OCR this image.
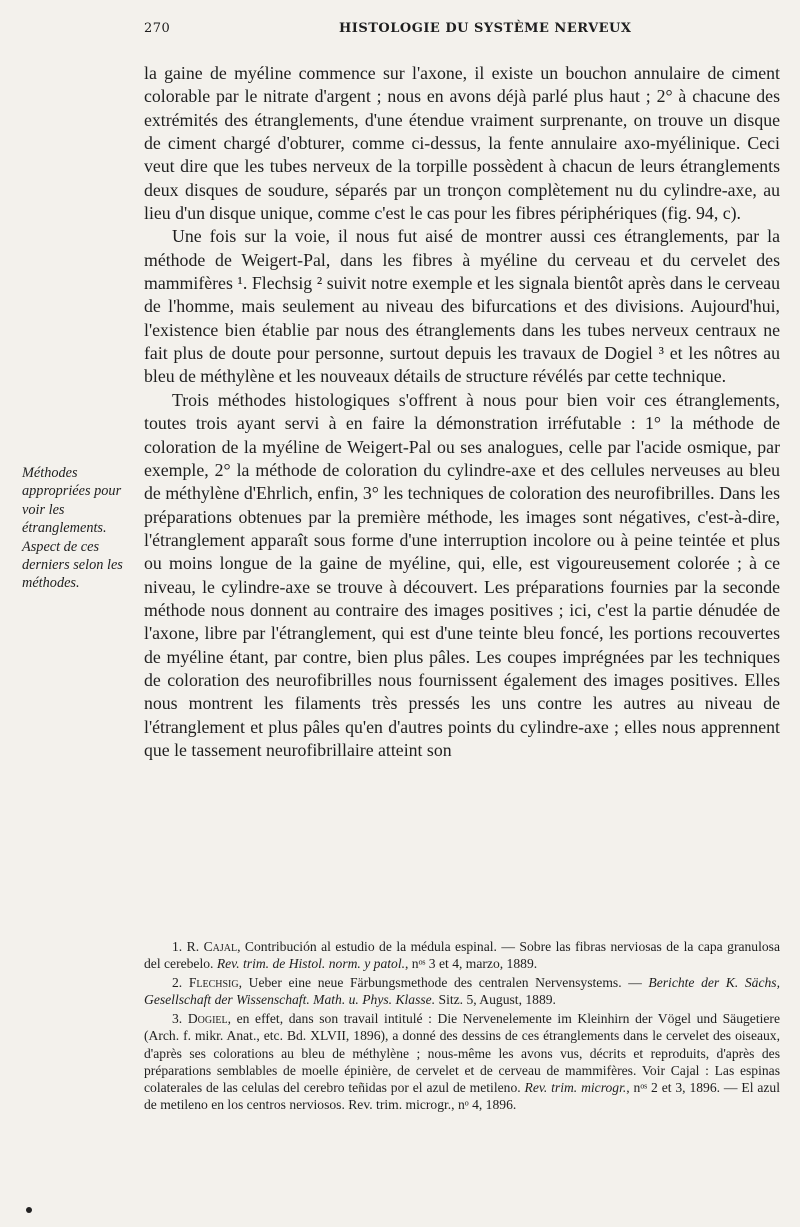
270	HISTOLOGIE DU SYSTÈME NERVEUX
Méthodes appropriées pour voir les étranglements. Aspect de ces derniers selon les méthodes.

la gaine de myéline commence sur l'axone, il existe un bouchon annulaire de ciment colorable par le nitrate d'argent ; nous en avons déjà parlé plus haut ; 2° à chacune des extrémités des étranglements, d'une étendue vraiment surprenante, on trouve un disque de ciment chargé d'obturer, comme ci-dessus, la fente annulaire axo-myélinique. Ceci veut dire que les tubes nerveux de la torpille possèdent à chacun de leurs étranglements deux disques de soudure, séparés par un tronçon complètement nu du cylindre-axe, au lieu d'un disque unique, comme c'est le cas pour les fibres périphériques (fig. 94, c).

Une fois sur la voie, il nous fut aisé de montrer aussi ces étranglements, par la méthode de Weigert-Pal, dans les fibres à myéline du cerveau et du cervelet des mammifères ¹. Flechsig ² suivit notre exemple et les signala bientôt après dans le cerveau de l'homme, mais seulement au niveau des bifurcations et des divisions. Aujourd'hui, l'existence bien établie par nous des étranglements dans les tubes nerveux centraux ne fait plus de doute pour personne, surtout depuis les travaux de Dogiel ³ et les nôtres au bleu de méthylène et les nouveaux détails de structure révélés par cette technique.

Trois méthodes histologiques s'offrent à nous pour bien voir ces étranglements, toutes trois ayant servi à en faire la démonstration irréfutable : 1° la méthode de coloration de la myéline de Weigert-Pal ou ses analogues, celle par l'acide osmique, par exemple, 2° la méthode de coloration du cylindre-axe et des cellules nerveuses au bleu de méthylène d'Ehrlich, enfin, 3° les techniques de coloration des neurofibrilles. Dans les préparations obtenues par la première méthode, les images sont négatives, c'est-à-dire, l'étranglement apparaît sous forme d'une interruption incolore ou à peine teintée et plus ou moins longue de la gaine de myéline, qui, elle, est vigoureusement colorée ; à ce niveau, le cylindre-axe se trouve à découvert. Les préparations fournies par la seconde méthode nous donnent au contraire des images positives ; ici, c'est la partie dénudée de l'axone, libre par l'étranglement, qui est d'une teinte bleu foncé, les portions recouvertes de myéline étant, par contre, bien plus pâles. Les coupes imprégnées par les techniques de coloration des neurofibrilles nous fournissent également des images positives. Elles nous montrent les filaments très pressés les uns contre les autres au niveau de l'étranglement et plus pâles qu'en d'autres points du cylindre-axe ; elles nous apprennent que le tassement neurofibrillaire atteint son

1. R. Cajal, Contribución al estudio de la médula espinal. — Sobre las fibras nerviosas de la capa granulosa del cerebelo. Rev. trim. de Histol. norm. y patol., nᵒˢ 3 et 4, marzo, 1889.

2. Flechsig, Ueber eine neue Färbungsmethode des centralen Nervensystems. — Berichte der K. Sächs, Gesellschaft der Wissenschaft. Math. u. Phys. Klasse. Sitz. 5, August, 1889.

3. Dogiel, en effet, dans son travail intitulé : Die Nervenelemente im Kleinhirn der Vögel und Säugetiere (Arch. f. mikr. Anat., etc. Bd. XLVII, 1896), a donné des dessins de ces étranglements dans le cervelet des oiseaux, d'après ses colorations au bleu de méthylène ; nous-même les avons vus, décrits et reproduits, d'après des préparations semblables de moelle épinière, de cervelet et de cerveau de mammifères. Voir Cajal : Las espinas colaterales de las celulas del cerebro teñidas por el azul de metileno. Rev. trim. microgr., nᵒˢ 2 et 3, 1896. — El azul de metileno en los centros nerviosos. Rev. trim. microgr., nᵒ 4, 1896.
